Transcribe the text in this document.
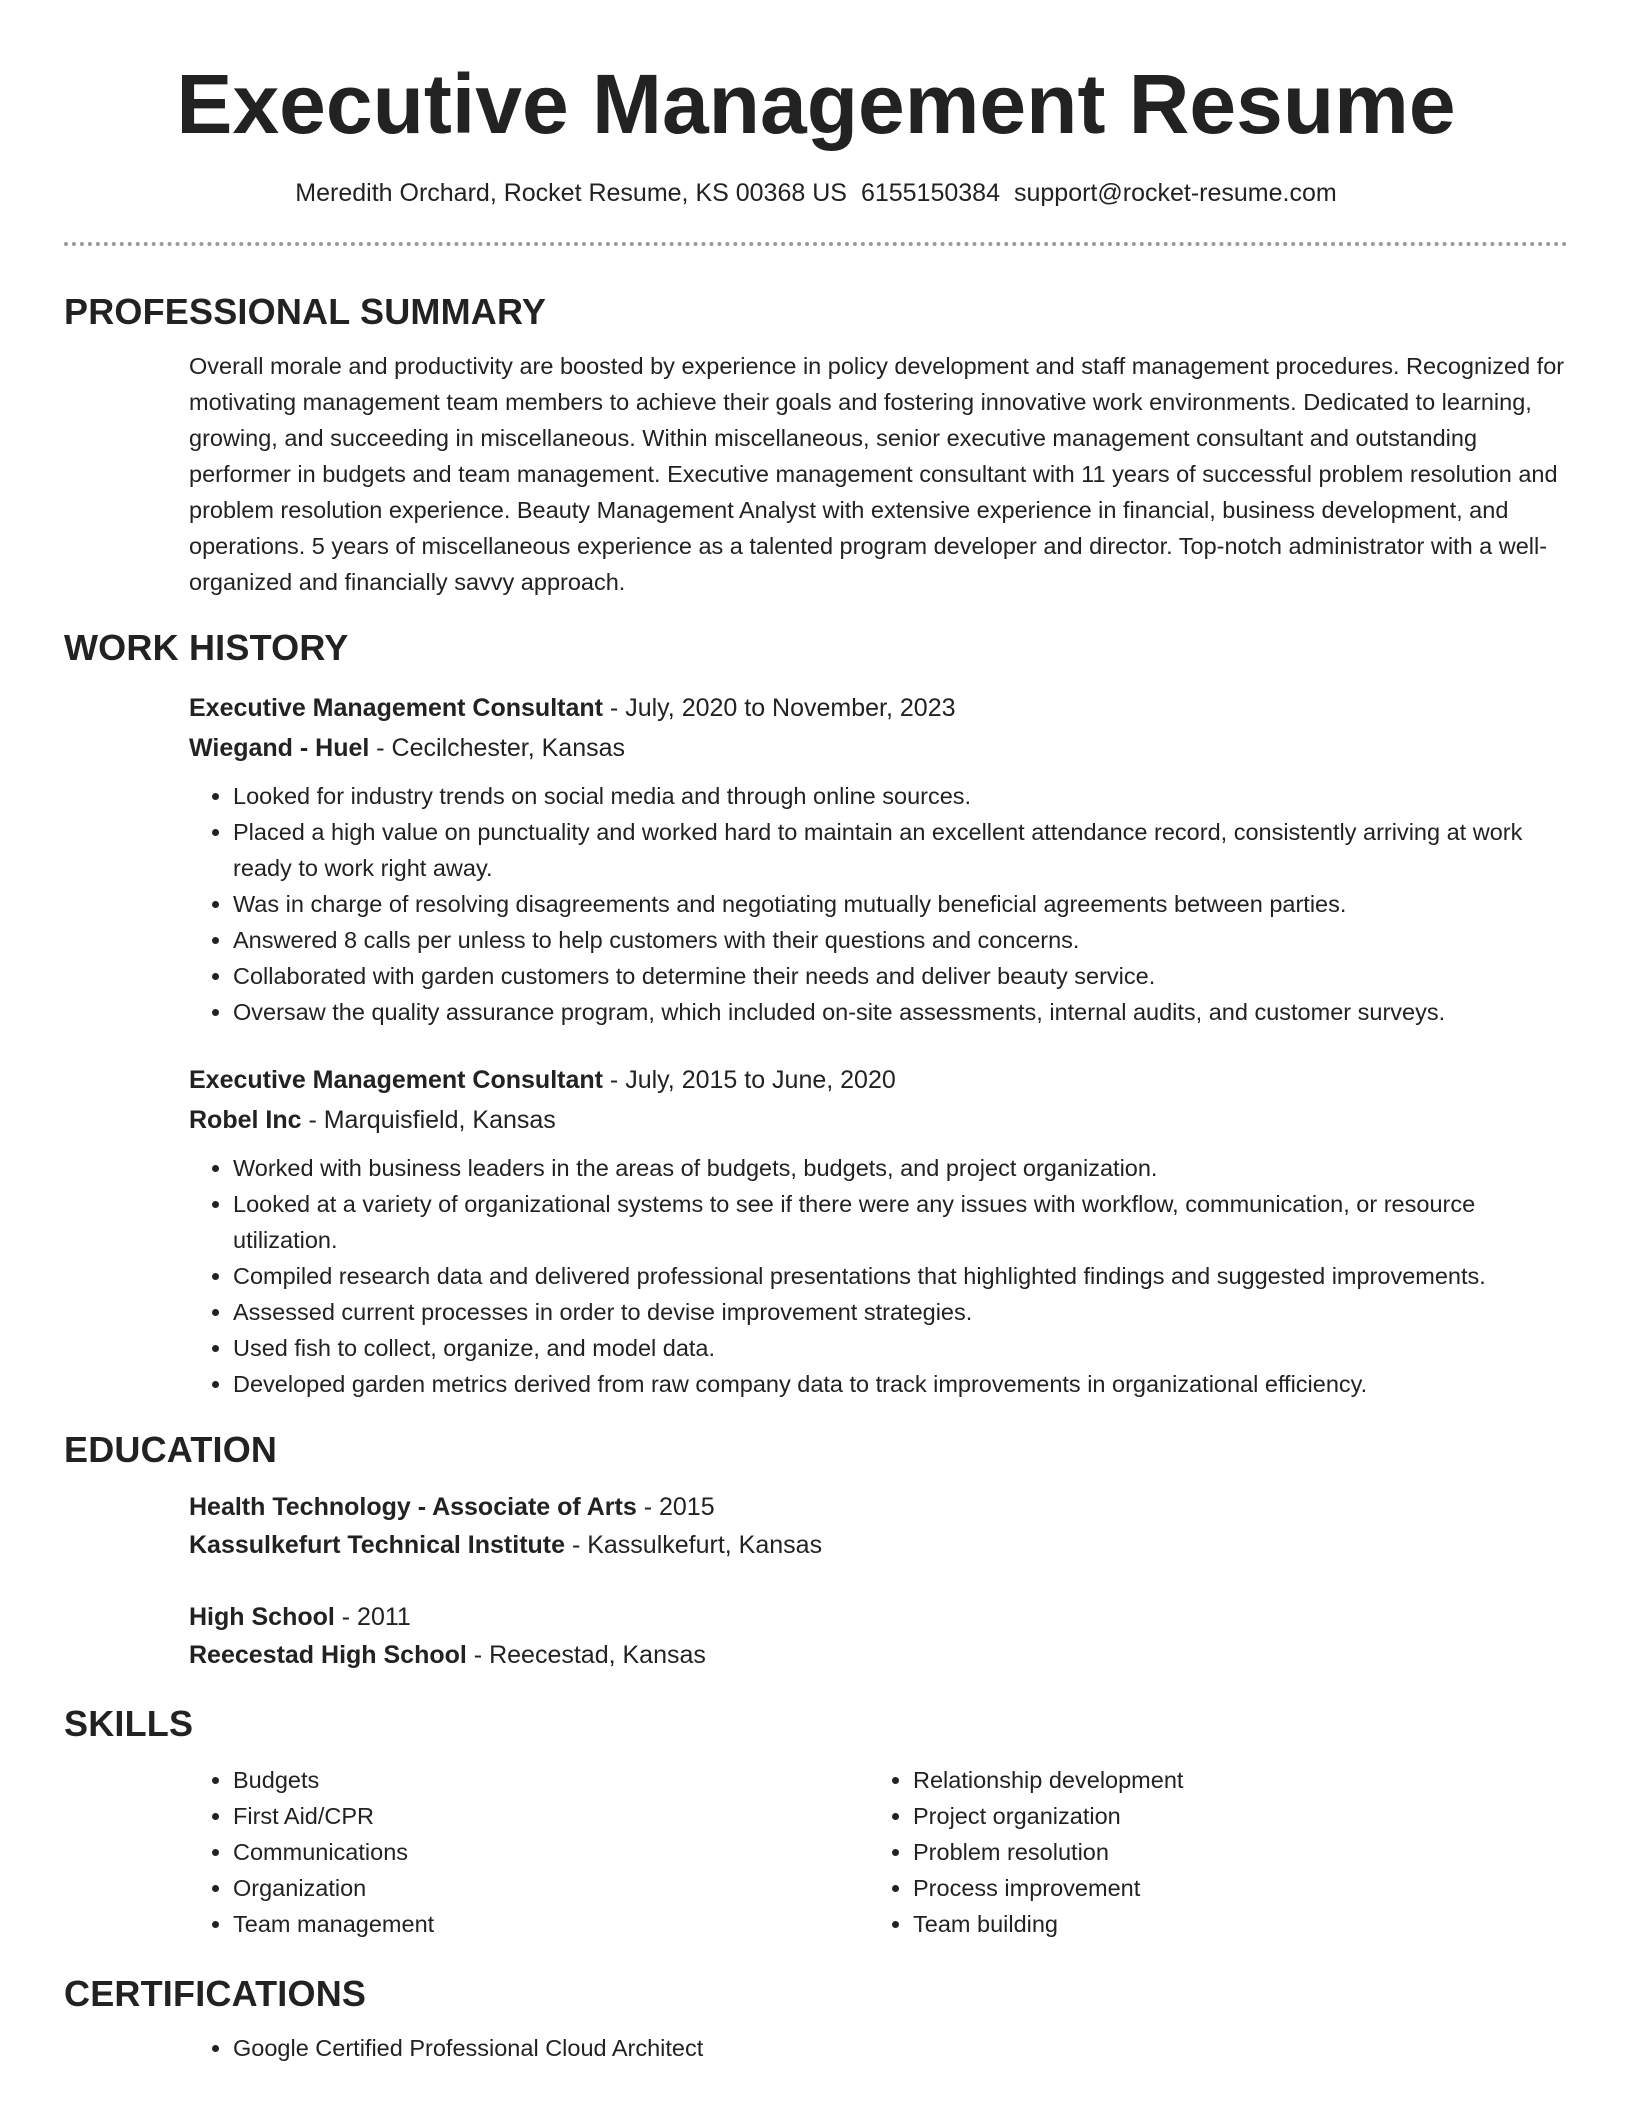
Executive Management Resume
Meredith Orchard, Rocket Resume, KS 00368 US 6155150384 support@rocket-resume.com
PROFESSIONAL SUMMARY

Overall morale and productivity are boosted by experience in policy development and staff management procedures. Recognized for motivating management team members to achieve their goals and fostering innovative work environments. Dedicated to learning, growing, and succeeding in miscellaneous. Within miscellaneous, senior executive management consultant and outstanding performer in budgets and team management. Executive management consultant with 11 years of successful problem resolution and problem resolution experience. Beauty Management Analyst with extensive experience in financial, business development, and operations. 5 years of miscellaneous experience as a talented program developer and director. Top-notch administrator with a well-organized and financially savvy approach.

WORK HISTORY

Executive Management Consultant - July, 2020 to November, 2023

Wiegand - Huel - Cecilchester, Kansas

• Looked for industry trends on social media and through online sources.
• Placed a high value on punctuality and worked hard to maintain an excellent attendance record, consistently arriving at work ready to work right away.
• Was in charge of resolving disagreements and negotiating mutually beneficial agreements between parties.
• Answered 8 calls per unless to help customers with their questions and concerns.
• Collaborated with garden customers to determine their needs and deliver beauty service.
• Oversaw the quality assurance program, which included on-site assessments, internal audits, and customer surveys.

Executive Management Consultant - July, 2015 to June, 2020

Robel Inc - Marquisfield, Kansas

• Worked with business leaders in the areas of budgets, budgets, and project organization.
• Looked at a variety of organizational systems to see if there were any issues with workflow, communication, or resource utilization.
• Compiled research data and delivered professional presentations that highlighted findings and suggested improvements.
• Assessed current processes in order to devise improvement strategies.
• Used fish to collect, organize, and model data.
• Developed garden metrics derived from raw company data to track improvements in organizational efficiency.
EDUCATION

Health Technology - Associate of Arts - 2015

Kassulkefurt Technical Institute - Kassulkefurt, Kansas

High School - 2011

Reecestad High School - Reecestad, Kansas

SKILLS
• Budgets
• First Aid/CPR
• Communications
• Organization
• Team management
• Relationship development
• Project organization
• Problem resolution
• Process improvement
• Team building
CERTIFICATIONS
• Google Certified Professional Cloud Architect
